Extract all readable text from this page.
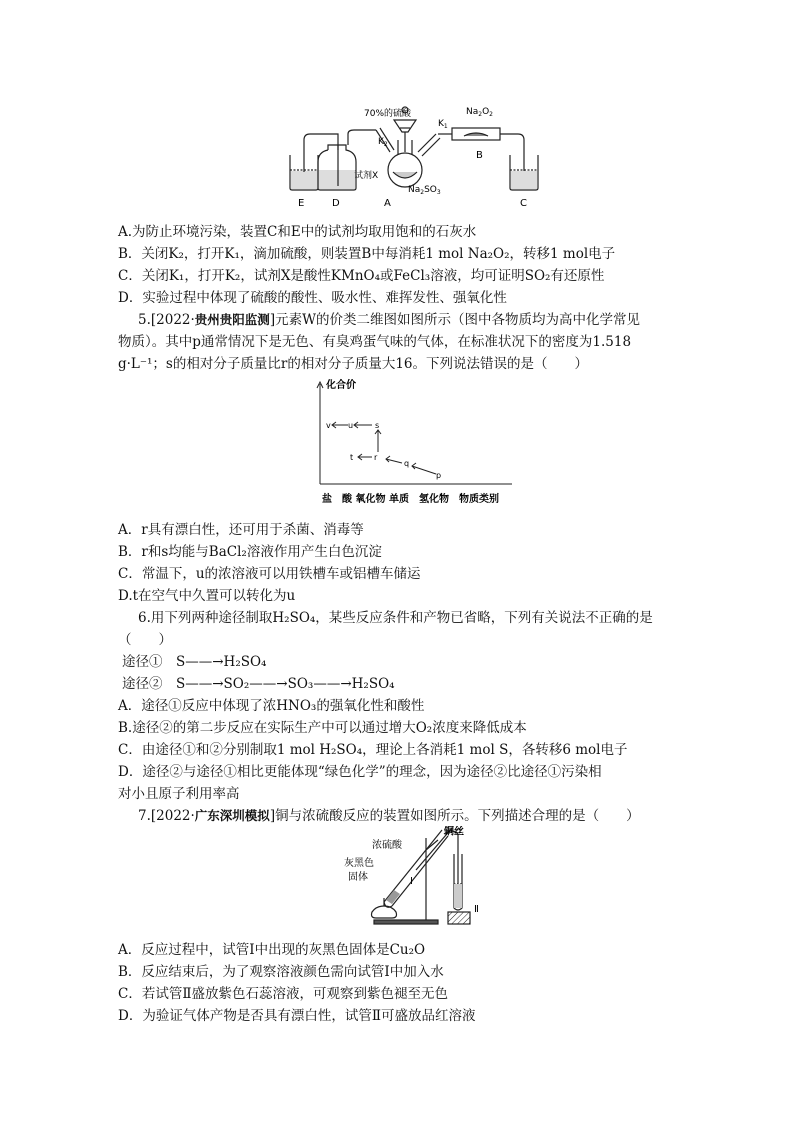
70%的硫酸
$K_2$
$K_1$
$Na_2O_2$
试剂X
$Na_2SO_3$
E	D	A
B
C
A.为防止环境污染，装置C和E中的试剂均取用饱和的石灰水
B．关闭K₂，打开K₁，滴加硫酸，则装置B中每消耗1 mol Na₂O₂，转移1 mol电子
C．关闭K₁，打开K₂，试剂X是酸性KMnO₄或FeCl₃溶液，均可证明SO₂有还原性
D．实验过程中体现了硫酸的酸性、吸水性、难挥发性、强氧化性
5.[2022·贵州贵阳监测]元素W的价类二维图如图所示（图中各物质均为高中化学常见
物质）。其中p通常情况下是无色、有臭鸡蛋气味的气体，在标准状况下的密度为1.518
g·L⁻¹；s的相对分子质量比r的相对分子质量大16。下列说法错误的是（　　）
化合价
v u	s
t	r
q
p
盐　酸 氧化物 单质　氢化物　物质类别
A．r具有漂白性，还可用于杀菌、消毒等
B．r和s均能与BaCl₂溶液作用产生白色沉淀
C．常温下，u的浓溶液可以用铁槽车或铝槽车储运
D.t在空气中久置可以转化为u
6.用下列两种途径制取H₂SO₄，某些反应条件和产物已省略，下列有关说法不正确的是
（　　）
途径①　S——→H₂SO₄
途径②　S——→SO₂——→SO₃——→H₂SO₄
A．途径①反应中体现了浓HNO₃的强氧化性和酸性
B.途径②的第二步反应在实际生产中可以通过增大O₂浓度来降低成本
C．由途径①和②分别制取1 mol H₂SO₄，理论上各消耗1 mol S，各转移6 mol电子
D．途径②与途径①相比更能体现“绿色化学”的理念，因为途径②比途径①污染相
对小且原子利用率高
7.[2022·广东深圳模拟]铜与浓硫酸反应的装置如图所示。下列描述合理的是（　　）
铜丝
浓硫酸
灰黑色
固体	Ⅰ
Ⅱ
A．反应过程中，试管Ⅰ中出现的灰黑色固体是Cu₂O
B．反应结束后，为了观察溶液颜色需向试管Ⅰ中加入水
C．若试管Ⅱ盛放紫色石蕊溶液，可观察到紫色褪至无色
D．为验证气体产物是否具有漂白性，试管Ⅱ可盛放品红溶液
